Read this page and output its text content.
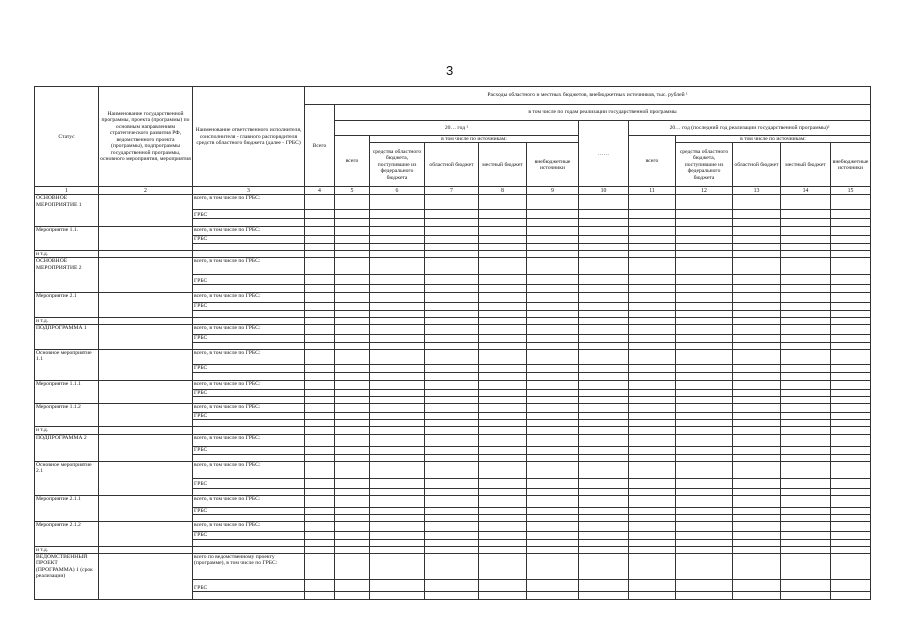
3
Статус	Наименование государственной программы, проекта (программы) по основным направлениям стратегического развития РФ, ведомственного проекта (программы), подпрограммы государственной программы, основного мероприятия, мероприятия	Наименование ответственного исполнителя, соисполнителя - главного распорядителя средств областного бюджета (далее - ГРБС)	Расходы областного и местных бюджетов, внебюджетных источников, тыс. рублей ¹											
			Всего	в том числе по годам реализации государственной программы										
				20… год ²					……	20… год (последний год реализации государственной программы)²				
				всего	в том числе по источникам:					всего	в том числе по источникам:			
					средства областного бюджета, поступившие из федерального бюджета	областной бюджет	местный бюджет	внебюджетные источники			средства областного бюджета, поступившие из федерального бюджета	областной бюджет	местный бюджет	внебюджетные источники
1	2	3	4	5	6	7	8	9	10	11	12	13	14	15
ОСНОВНОЕ МЕРОПРИЯТИЕ 1		всего, в том числе по ГРБС:												
		ГРБС												

Мероприятие 1.1.		всего, в том числе по ГРБС:												
		ГРБС												

и т.д.														
ОСНОВНОЕ МЕРОПРИЯТИЕ 2		всего, в том числе по ГРБС:												
		ГРБС												

Мероприятие 2.1		всего, в том числе по ГРБС:												
		ГРБС												

и т.д.														
ПОДПРОГРАММА 1		всего, в том числе по ГРБС:												
		ГРБС												

Основное мероприятие 1.1		всего, в том числе по ГРБС:												
		ГРБС												

Мероприятие 1.1.1		всего, в том числе по ГРБС:												
		ГРБС												

Мероприятие 1.1.2		всего, в том числе по ГРБС:												
		ГРБС												

и т.д.														
ПОДПРОГРАММА 2		всего, в том числе по ГРБС:												
		ГРБС												

Основное мероприятие 2.1		всего, в том числе по ГРБС:												
		ГРБС												

Мероприятие 2.1.1		всего, в том числе по ГРБС:												
		ГРБС												

Мероприятие 2.1.2		всего, в том числе по ГРБС:												
		ГРБС												

и т.д.														
ВЕДОМСТВЕННЫЙ ПРОЕКТ (ПРОГРАММА) 1 (срок реализации)		всего по ведомственному проекту (программе), в том числе по ГРБС:												
		ГРБС												
